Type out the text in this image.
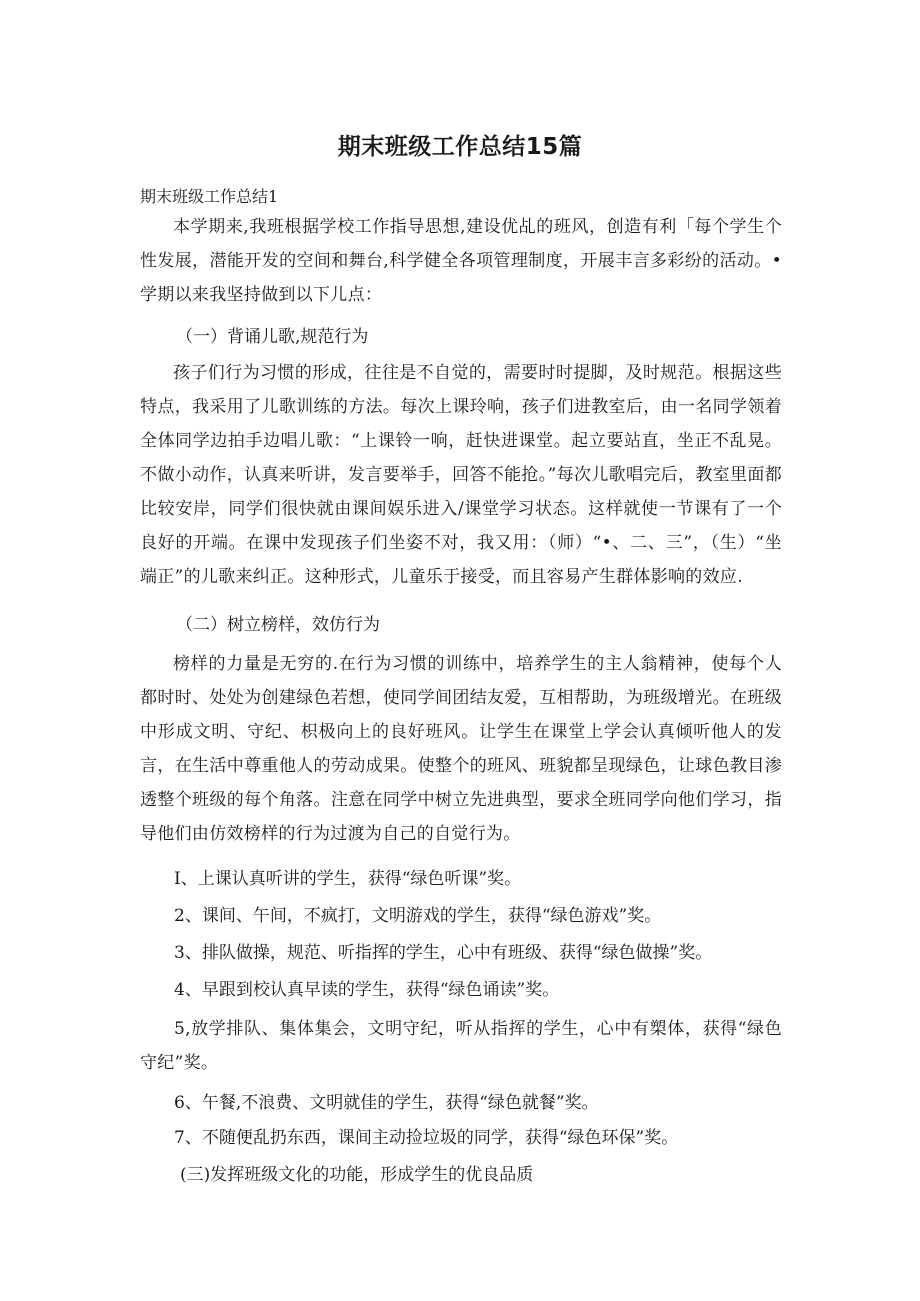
期末班级工作总结15篇
期末班级工作总结1
本学期来,我班根据学校工作指导思想,建设优乩的班风，创造有利「每个学生个性发展，潜能开发的空间和舞台,科学健全各项管理制度，开展丰言多彩纷的活动。•学期以来我坚持做到以下儿点：
（一）背诵儿歌,规范行为
孩子们行为习惯的形成，往往是不自觉的，需要时时提脚，及时规范。根据这些特点，我采用了儿歌训练的方法。每次上课玲响，孩子们进教室后，由一名同学领着全体同学边拍手边唱儿歌：“上课铃一响，赶快进课堂。起立要站直，坐正不乱晃。不做小动作，认真来听讲，发言要举手，回答不能抢。”每次儿歌唱完后，教室里面都比较安岸，同学们很快就由课间娱乐进入/课堂学习状态。这样就使一节课有了一个良好的开端。在课中发现孩子们坐姿不对，我又用：（师）“•、二、三”，（生）“坐端正”的儿歌来纠正。这种形式，儿童乐于接受，而且容易产生群体影响的效应.
（二）树立榜样，效仿行为
榜样的力量是无穷的.在行为习惯的训练中，培养学生的主人翁精神，使每个人都时时、处处为创建绿色若想，使同学间团结友爱，互相帮助，为班级增光。在班级中形成文明、守纪、枳极向上的良好班风。让学生在课堂上学会认真倾听他人的发言，在生活中尊重他人的劳动成果。使整个的班风、班貌都呈现绿色，让球色教目渗透整个班级的每个角落。注意在同学中树立先进典型，要求全班同学向他们学习，指导他们由仿效榜样的行为过渡为自己的自觉行为。
I、上课认真听讲的学生，获得“绿色听课”奖。
2、课间、午间，不疯打，文明游戏的学生，获得“绿色游戏”奖。
3、排队做操，规范、听指挥的学生，心中有班级、获得“绿色做操”奖。
4、早跟到校认真早读的学生，获得“绿色诵读”奖。
5,放学排队、集体集会，文明守纪，听从指挥的学生，心中有槊体，获得“绿色守纪”奖。
6、午餐,不浪费、文明就佳的学生，获得“绿色就餐”奖。
7、不随便乱扔东西，课间主动捡垃圾的同学，获得“绿色环保”奖。
(三)发挥班级文化的功能，形成学生的优良品质
